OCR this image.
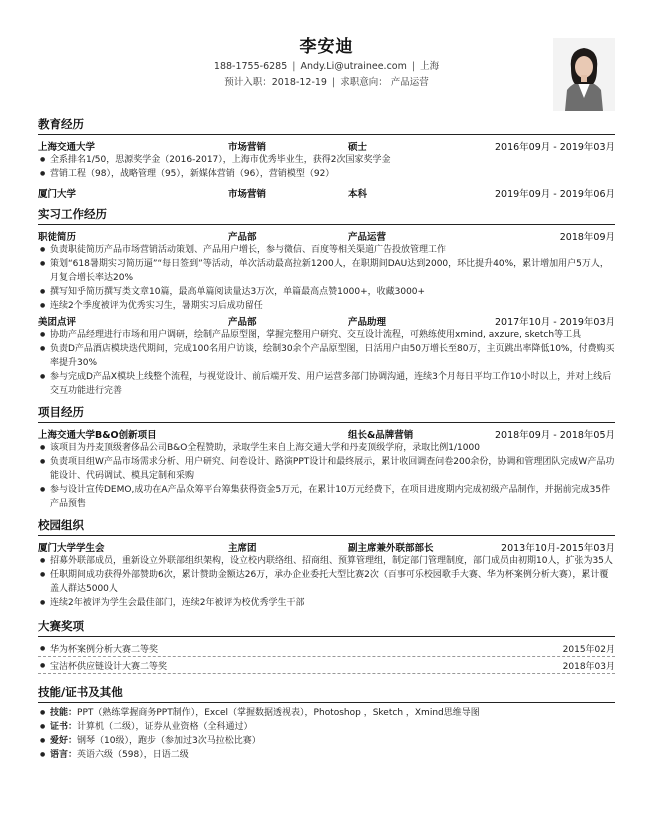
李安迪
188-1755-6285 | Andy.Li@utrainee.com | 上海
预计入职：2018-12-19 | 求职意向： 产品运营
教育经历
上海交通大学	市场营销	硕士	2016年09月 - 2019年03月
● 全系排名1/50，思源奖学金（2016-2017），上海市优秀毕业生，获得2次国家奖学金
● 营销工程（98），战略管理（95），新媒体营销（96），营销模型（92）
厦门大学	市场营销	本科	2019年09月 - 2019年06月
实习工作经历
职徒简历	产品部	产品运营	2018年09月
● 负责职徒简历产品市场营销活动策划、产品用户增长，参与微信、百度等相关渠道广告投放管理工作
● 策划“618暑期实习简历逼”“每日签到”等活动，单次活动最高拉新1200人，在职期间DAU达到2000，环比提升40%，累计增加用户5万人，月复合增长率达20%
● 撰写知乎简历撰写类文章10篇，最高单篇阅读量达3万次，单篇最高点赞1000+，收藏3000+
● 连续2个季度被评为优秀实习生，暑期实习后成功留任
美团点评	产品部	产品助理	2017年10月 - 2019年03月
● 协助产品经理进行市场和用户调研，绘制产品原型图，掌握完整用户研究、交互设计流程，可熟练使用xmind, axzure, sketch等工具
● 负责D产品酒店模块迭代期间，完成100名用户访谈，绘制30余个产品原型图，日活用户由50万增长至80万，主页跳出率降低10%，付费购买率提升30%
● 参与完成D产品X模块上线整个流程，与视觉设计、前后端开发、用户运营多部门协调沟通，连续3个月每日平均工作10小时以上，并对上线后交互功能进行完善
项目经历
上海交通大学B&O创新项目	组长&品牌营销	2018年09月 - 2018年05月
● 该项目为丹麦顶级奢侈品公司B&O全程赞助，录取学生来自上海交通大学和丹麦顶级学府，录取比例1/1000
● 负责项目组W产品市场需求分析、用户研究、问卷设计、路演PPT设计和最终展示，累计收回调查问卷200余份，协调和管理团队完成W产品功能设计、代码调试、模具定制和采购
● 参与设计宣传DEMO,成功在A产品众筹平台筹集获得资金5万元，在累计10万元经费下，在项目进度期内完成初级产品制作，并据前完成35件产品预售
校园组织
厦门大学学生会	主席团	副主席兼外联部部长	2013年10月-2015年03月
● 招募外联部成员，重新设立外联部组织架构，设立校内联络组、招商组、预算管理组，制定部门管理制度，部门成员由初期10人，扩张为35人
● 任职期间成功获得外部赞助6次，累计赞助金额达26万，承办企业委托大型比赛2次（百事可乐校园歌手大赛、华为杯案例分析大赛），累计覆盖人群达5000人
● 连续2年被评为学生会最佳部门，连续2年被评为校优秀学生干部
大赛奖项
● 华为杯案例分析大赛二等奖	2015年02月
● 宝洁杯供应链设计大赛二等奖	2018年03月
技能/证书及其他
● 技能：PPT（熟练掌握商务PPT制作），Excel（掌握数据透视表），Photoshop ，Sketch ，Xmind思维导图
● 证书：计算机（二级），证券从业资格（全科通过）
● 爱好：钢琴（10级），跑步（参加过3次马拉松比赛）
● 语言：英语六级（598），日语二级
